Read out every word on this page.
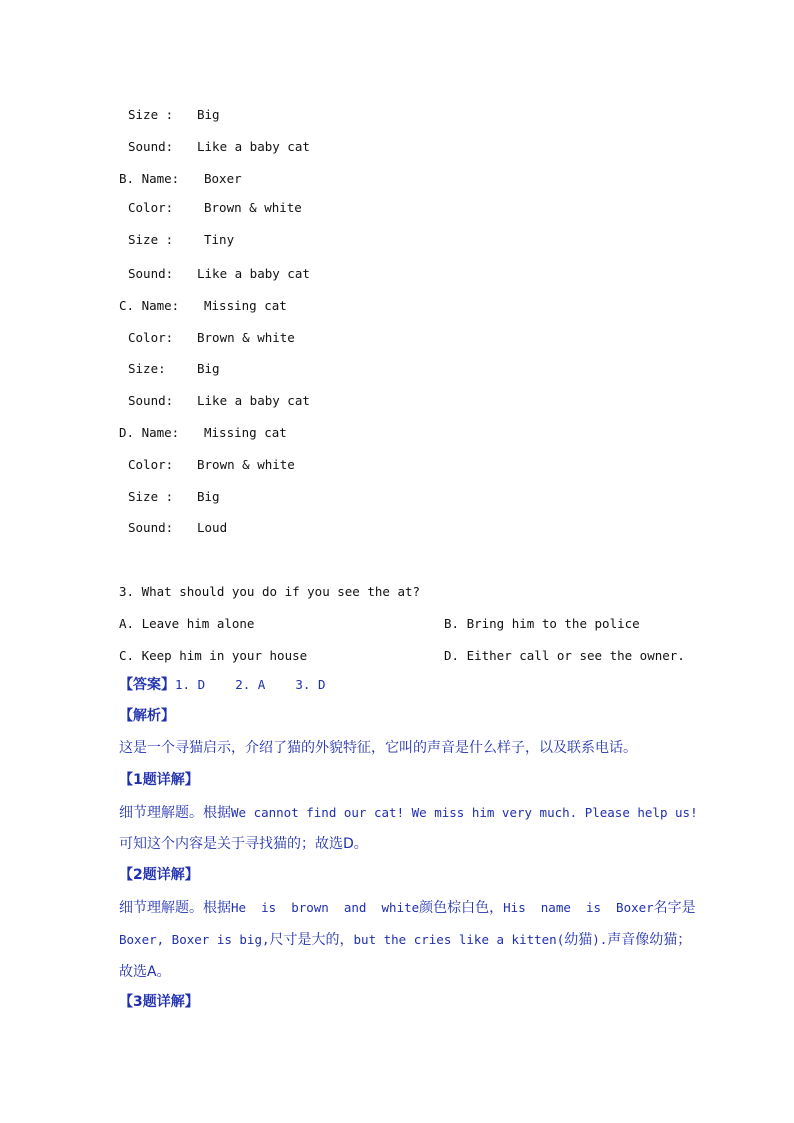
Size : Big
Sound: Like a baby cat
B. Name: Boxer
Color: Brown & white
Size : Tiny
Sound: Like a baby cat
C. Name: Missing cat
Color: Brown & white
Size:	Big
Sound: Like a baby cat
D. Name: Missing cat
Color: Brown & white
Size : Big
Sound: Loud
3. What should you do if you see the at?
A. Leave him alone	B. Bring him to the police
C. Keep him in your house	D. Either call or see the owner.
【答案】1. D    2. A    3. D
【解析】
这是一个寻猫启示，介绍了猫的外貌特征，它叫的声音是什么样子，以及联系电话。
【1题详解】
细节理解题。根据We cannot find our cat! We miss him very much. Please help us!
可知这个内容是关于寻找猫的；故选D。
【2题详解】
细节理解题。根据He  is  brown  and  white颜色棕白色，His  name  is  Boxer名字是
Boxer, Boxer is big,尺寸是大的，but the cries like a kitten(幼猫).声音像幼猫；
故选A。
【3题详解】
